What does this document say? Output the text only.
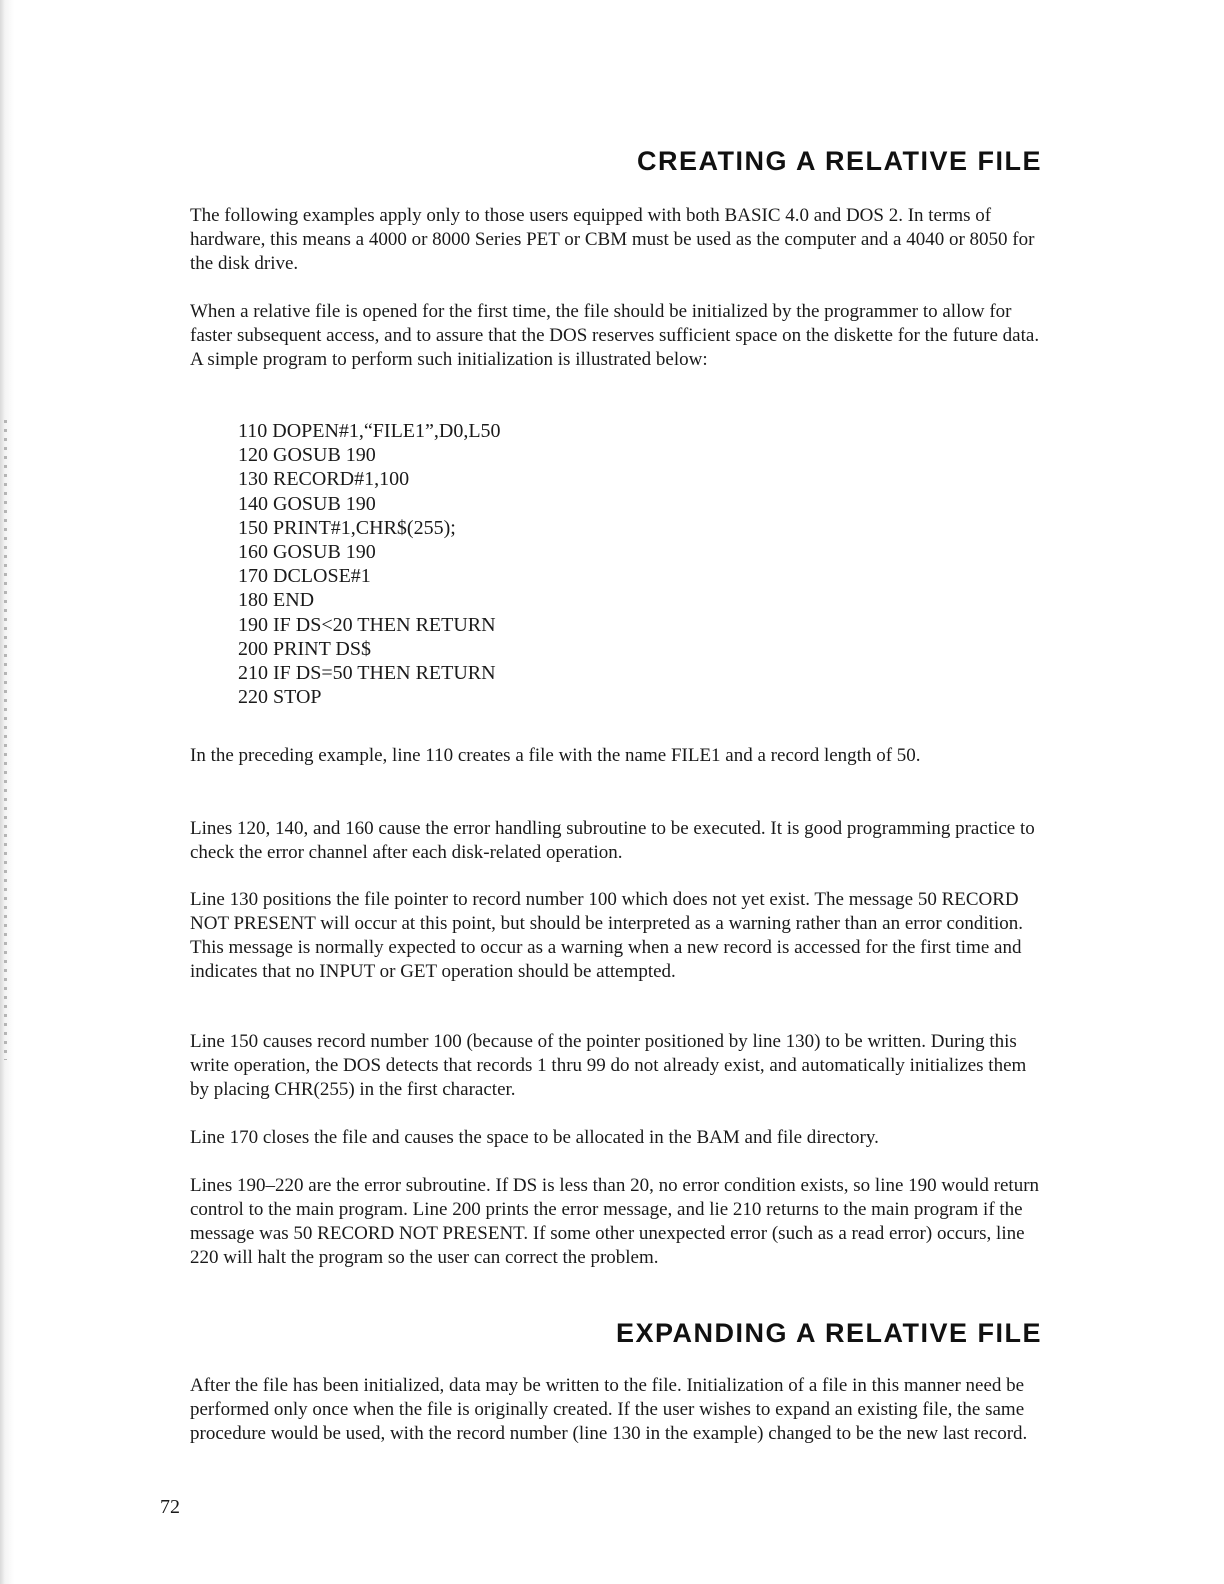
CREATING A RELATIVE FILE

The following examples apply only to those users equipped with both BASIC 4.0 and DOS 2. In terms of hardware, this means a 4000 or 8000 Series PET or CBM must be used as the computer and a 4040 or 8050 for the disk drive.

When a relative file is opened for the first time, the file should be initialized by the programmer to allow for faster subsequent access, and to assure that the DOS reserves sufficient space on the diskette for the future data. A simple program to perform such initialization is illustrated below:

110 DOPEN#1,“FILE1”,D0,L50
120 GOSUB 190
130 RECORD#1,100
140 GOSUB 190
150 PRINT#1,CHR$(255);
160 GOSUB 190
170 DCLOSE#1
180 END
190 IF DS<20 THEN RETURN
200 PRINT DS$
210 IF DS=50 THEN RETURN
220 STOP

In the preceding example, line 110 creates a file with the name FILE1 and a record length of 50.

Lines 120, 140, and 160 cause the error handling subroutine to be executed. It is good programming practice to check the error channel after each disk-related operation.

Line 130 positions the file pointer to record number 100 which does not yet exist. The message 50 RECORD NOT PRESENT will occur at this point, but should be interpreted as a warning rather than an error condition. This message is normally expected to occur as a warning when a new record is accessed for the first time and indicates that no INPUT or GET operation should be attempted.

Line 150 causes record number 100 (because of the pointer positioned by line 130) to be written. During this write operation, the DOS detects that records 1 thru 99 do not already exist, and automatically initializes them by placing CHR(255) in the first character.

Line 170 closes the file and causes the space to be allocated in the BAM and file directory.

Lines 190–220 are the error subroutine. If DS is less than 20, no error condition exists, so line 190 would return control to the main program. Line 200 prints the error message, and lie 210 returns to the main program if the message was 50 RECORD NOT PRESENT. If some other unexpected error (such as a read error) occurs, line 220 will halt the program so the user can correct the problem.

EXPANDING A RELATIVE FILE

After the file has been initialized, data may be written to the file. Initialization of a file in this manner need be performed only once when the file is originally created. If the user wishes to expand an existing file, the same procedure would be used, with the record number (line 130 in the example) changed to be the new last record.

72
